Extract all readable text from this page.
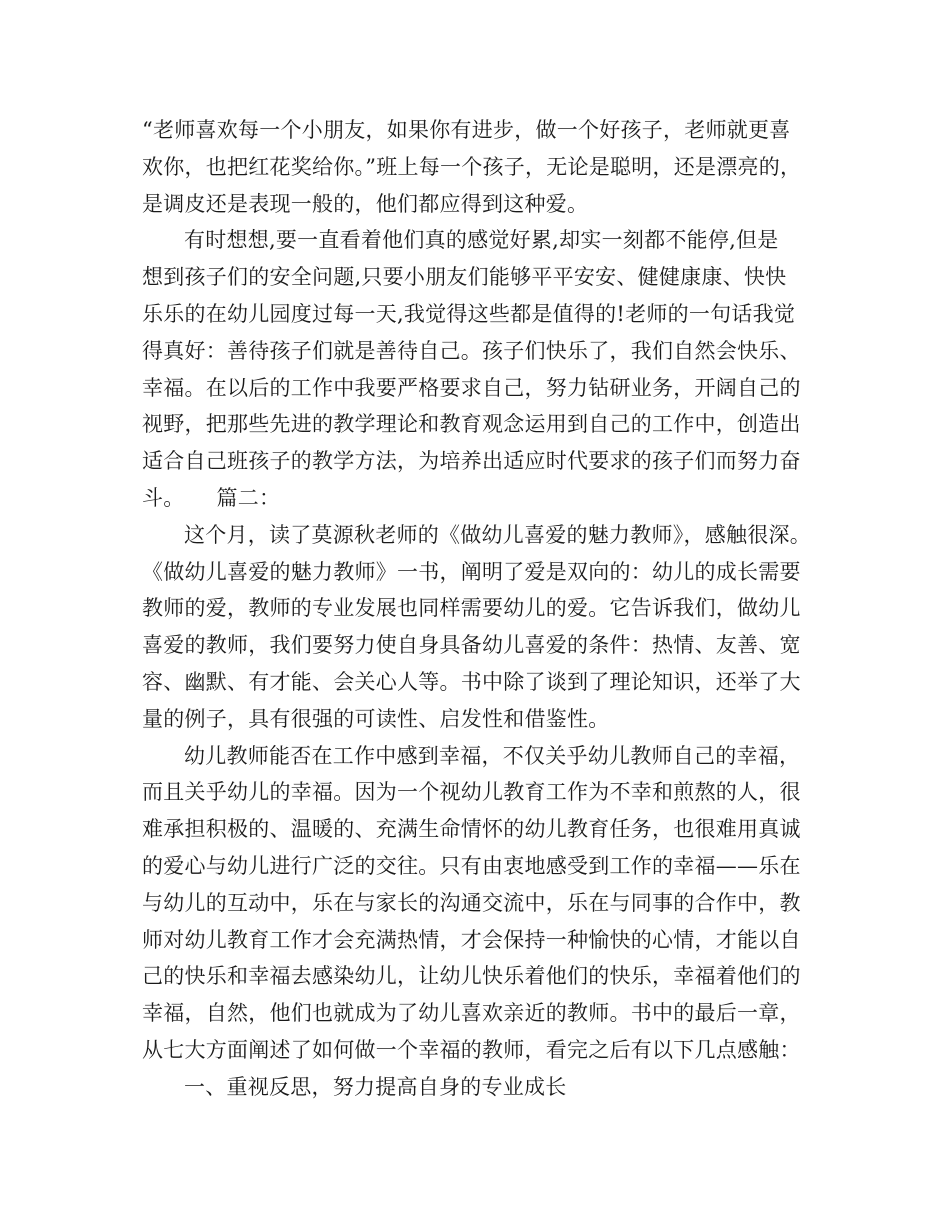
“老师喜欢每一个小朋友，如果你有进步，做一个好孩子，老师就更喜
欢你，也把红花奖给你。”班上每一个孩子，无论是聪明，还是漂亮的，
是调皮还是表现一般的，他们都应得到这种爱。
有时想想,要一直看着他们真的感觉好累,却实一刻都不能停,但是
想到孩子们的安全问题,只要小朋友们能够平平安安、健健康康、快快
乐乐的在幼儿园度过每一天,我觉得这些都是值得的!老师的一句话我觉
得真好：善待孩子们就是善待自己。孩子们快乐了，我们自然会快乐、
幸福。在以后的工作中我要严格要求自己，努力钻研业务，开阔自己的
视野，把那些先进的教学理论和教育观念运用到自己的工作中，创造出
适合自己班孩子的教学方法，为培养出适应时代要求的孩子们而努力奋
斗。　　篇二：
这个月，读了莫源秋老师的《做幼儿喜爱的魅力教师》，感触很深。
《做幼儿喜爱的魅力教师》一书，阐明了爱是双向的：幼儿的成长需要
教师的爱，教师的专业发展也同样需要幼儿的爱。它告诉我们，做幼儿
喜爱的教师，我们要努力使自身具备幼儿喜爱的条件：热情、友善、宽
容、幽默、有才能、会关心人等。书中除了谈到了理论知识，还举了大
量的例子，具有很强的可读性、启发性和借鉴性。
幼儿教师能否在工作中感到幸福，不仅关乎幼儿教师自己的幸福，
而且关乎幼儿的幸福。因为一个视幼儿教育工作为不幸和煎熬的人，很
难承担积极的、温暖的、充满生命情怀的幼儿教育任务，也很难用真诚
的爱心与幼儿进行广泛的交往。只有由衷地感受到工作的幸福——乐在
与幼儿的互动中，乐在与家长的沟通交流中，乐在与同事的合作中，教
师对幼儿教育工作才会充满热情，才会保持一种愉快的心情，才能以自
己的快乐和幸福去感染幼儿，让幼儿快乐着他们的快乐，幸福着他们的
幸福，自然，他们也就成为了幼儿喜欢亲近的教师。书中的最后一章，
从七大方面阐述了如何做一个幸福的教师，看完之后有以下几点感触：
一、重视反思，努力提高自身的专业成长
